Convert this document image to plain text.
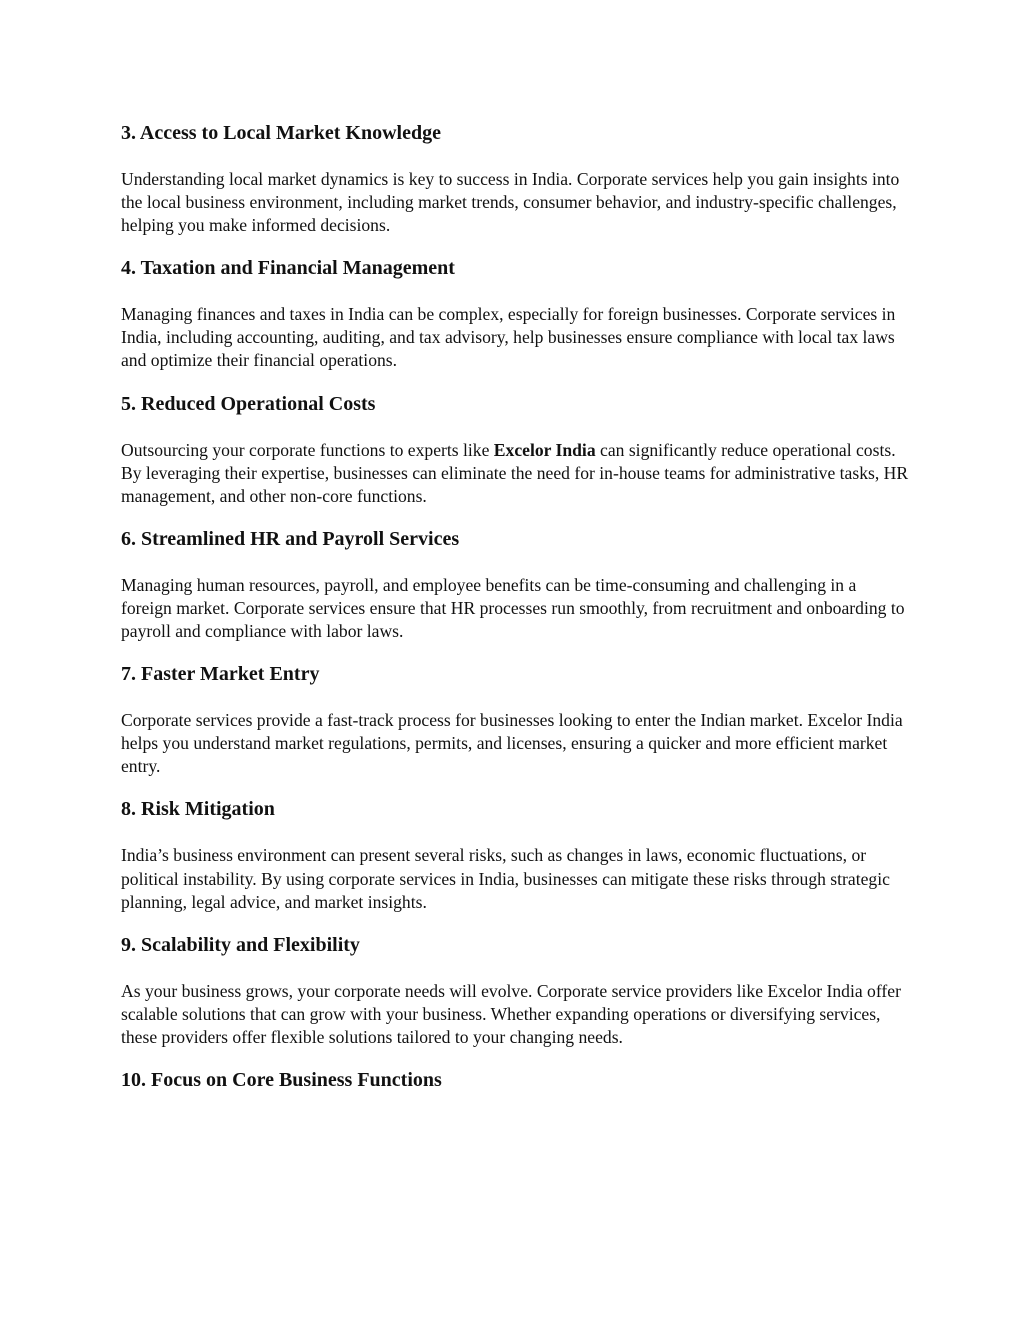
3. Access to Local Market Knowledge

Understanding local market dynamics is key to success in India. Corporate services help you gain insights into the local business environment, including market trends, consumer behavior, and industry-specific challenges, helping you make informed decisions.

4. Taxation and Financial Management

Managing finances and taxes in India can be complex, especially for foreign businesses. Corporate services in India, including accounting, auditing, and tax advisory, help businesses ensure compliance with local tax laws and optimize their financial operations.

5. Reduced Operational Costs

Outsourcing your corporate functions to experts like Excelor India can significantly reduce operational costs. By leveraging their expertise, businesses can eliminate the need for in-house teams for administrative tasks, HR management, and other non-core functions.

6. Streamlined HR and Payroll Services

Managing human resources, payroll, and employee benefits can be time-consuming and challenging in a foreign market. Corporate services ensure that HR processes run smoothly, from recruitment and onboarding to payroll and compliance with labor laws.

7. Faster Market Entry

Corporate services provide a fast-track process for businesses looking to enter the Indian market. Excelor India helps you understand market regulations, permits, and licenses, ensuring a quicker and more efficient market entry.

8. Risk Mitigation

India’s business environment can present several risks, such as changes in laws, economic fluctuations, or political instability. By using corporate services in India, businesses can mitigate these risks through strategic planning, legal advice, and market insights.

9. Scalability and Flexibility

As your business grows, your corporate needs will evolve. Corporate service providers like Excelor India offer scalable solutions that can grow with your business. Whether expanding operations or diversifying services, these providers offer flexible solutions tailored to your changing needs.

10. Focus on Core Business Functions
